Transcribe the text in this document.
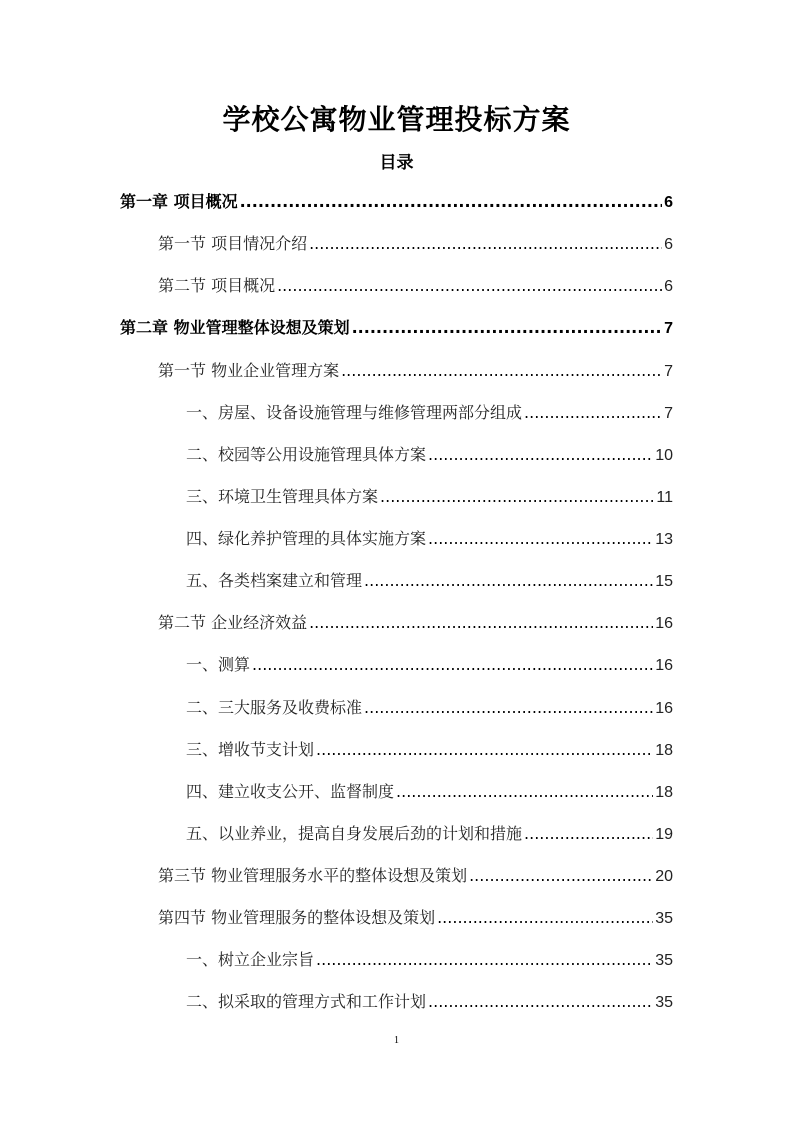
学校公寓物业管理投标方案
目录
第一章 项目概况 .....	6
第一节 项目情况介绍 .....	6
第二节 项目概况 .....	6
第二章 物业管理整体设想及策划 .....	7
第一节 物业企业管理方案 .....	7
一、房屋、设备设施管理与维修管理两部分组成 .....	7
二、校园等公用设施管理具体方案 .....	10
三、环境卫生管理具体方案 .....	11
四、绿化养护管理的具体实施方案 .....	13
五、各类档案建立和管理 .....	15
第二节 企业经济效益 .....	16
一、测算 .....	16
二、三大服务及收费标准 .....	16
三、增收节支计划 .....	18
四、建立收支公开、监督制度 .....	18
五、以业养业，提高自身发展后劲的计划和措施 .....	19
第三节 物业管理服务水平的整体设想及策划 .....	20
第四节 物业管理服务的整体设想及策划 .....	35
一、树立企业宗旨 .....	35
二、拟采取的管理方式和工作计划 .....	35
1
